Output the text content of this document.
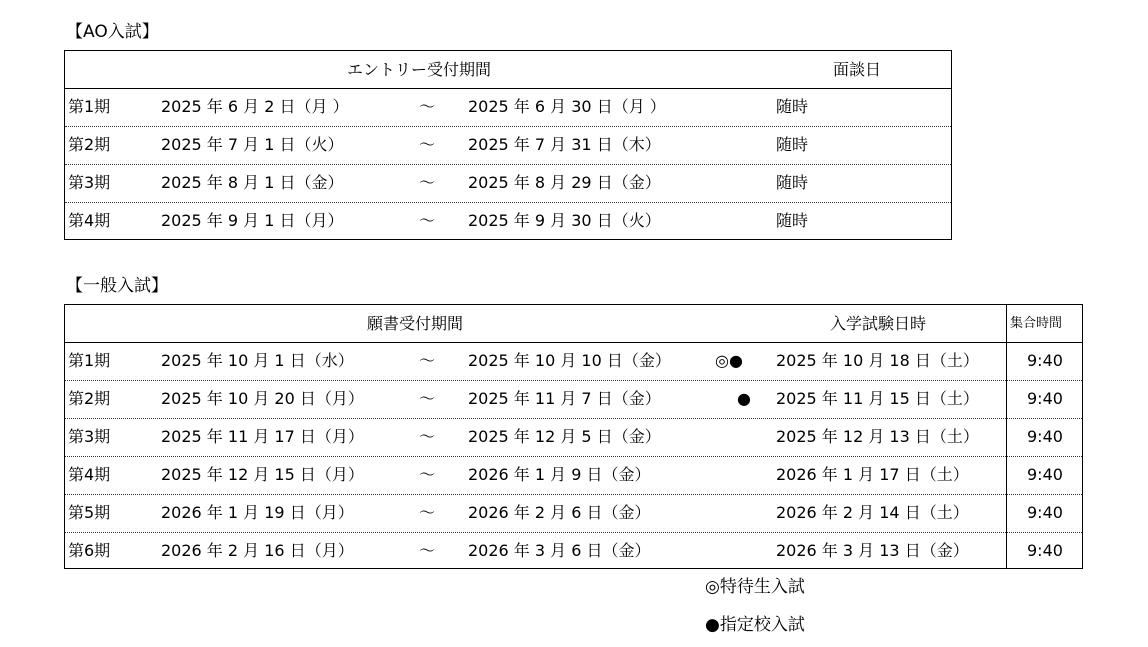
【AO入試】
エントリー受付期間	面談日
第1期	2025 年 6 月 2 日（月 ）	～ 2025 年 6 月 30 日（月 ）	随時
第2期	2025 年 7 月 1 日（火）	～ 2025 年 7 月 31 日（木）	随時
第3期	2025 年 8 月 1 日（金）	～ 2025 年 8 月 29 日（金）	随時
第4期	2025 年 9 月 1 日（月）	～ 2025 年 9 月 30 日（火）	随時
【一般入試】
願書受付期間	入学試験日時	集合時間
第1期	2025 年 10 月 1 日（水）	～ 2025 年 10 月 10 日（金）	◎● 2025 年 10 月 18 日（土）	9:40
第2期	2025 年 10 月 20 日（月）	～ 2025 年 11 月 7 日（金）	● 2025 年 11 月 15 日（土）	9:40
第3期	2025 年 11 月 17 日（月）	～ 2025 年 12 月 5 日（金）	2025 年 12 月 13 日（土）	9:40
第4期	2025 年 12 月 15 日（月）	～ 2026 年 1 月 9 日（金）	2026 年 1 月 17 日（土）	9:40
第5期	2026 年 1 月 19 日（月）	～ 2026 年 2 月 6 日（金）	2026 年 2 月 14 日（土）	9:40
第6期	2026 年 2 月 16 日（月）	～ 2026 年 3 月 6 日（金）	2026 年 3 月 13 日（金）	9:40
◎特待生入試
●指定校入試
